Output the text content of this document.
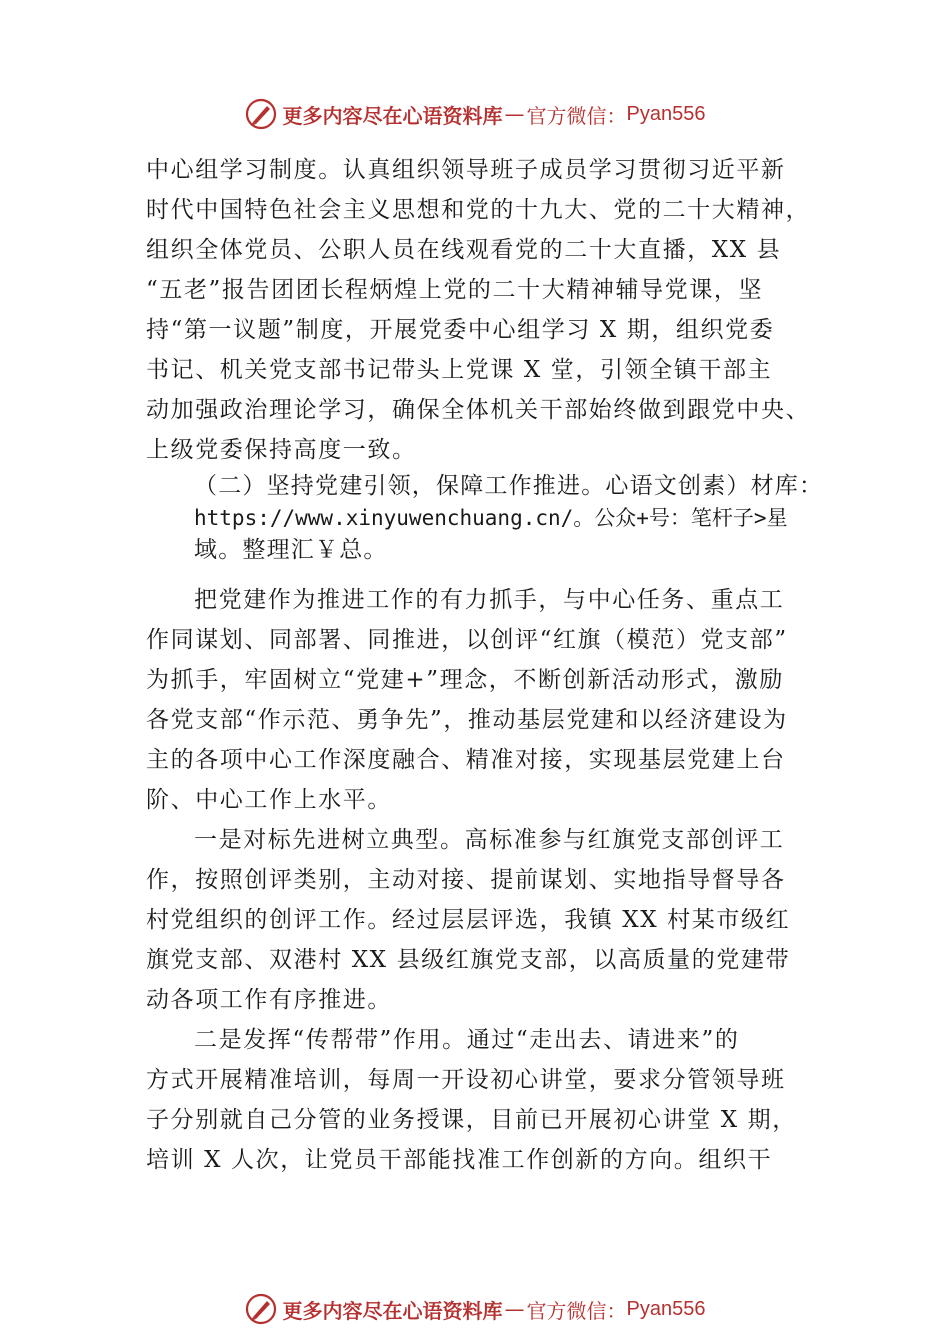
更多内容尽在心语资料库 — 官方微信： Pyan556
中心组学习制度。认真组织领导班子成员学习贯彻习近平新
时代中国特色社会主义思想和党的十九大、党的二十大精神，
组织全体党员、公职人员在线观看党的二十大直播，XX 县
“五老”报告团团长程炳煌上党的二十大精神辅导党课，坚
持“第一议题”制度，开展党委中心组学习 X 期，组织党委
书记、机关党支部书记带头上党课 X 堂，引领全镇干部主
动加强政治理论学习，确保全体机关干部始终做到跟党中央、
上级党委保持高度一致。
（二）坚持党建引领，保障工作推进。心语文创素）材库：
https://www.xinyuwenchuang.cn/。公众+号：笔杆子>星
域。整理汇￥总。
把党建作为推进工作的有力抓手，与中心任务、重点工
作同谋划、同部署、同推进，以创评“红旗（模范）党支部”
为抓手，牢固树立“党建+”理念，不断创新活动形式，激励
各党支部“作示范、勇争先”，推动基层党建和以经济建设为
主的各项中心工作深度融合、精准对接，实现基层党建上台
阶、中心工作上水平。
一是对标先进树立典型。高标准参与红旗党支部创评工
作，按照创评类别，主动对接、提前谋划、实地指导督导各
村党组织的创评工作。经过层层评选，我镇 XX 村某市级红
旗党支部、双港村 XX 县级红旗党支部，以高质量的党建带
动各项工作有序推进。
二是发挥“传帮带”作用。通过“走出去、请进来”的
方式开展精准培训，每周一开设初心讲堂，要求分管领导班
子分别就自己分管的业务授课，目前已开展初心讲堂 X 期，
培训 X 人次，让党员干部能找准工作创新的方向。组织干
更多内容尽在心语资料库 — 官方微信： Pyan556
